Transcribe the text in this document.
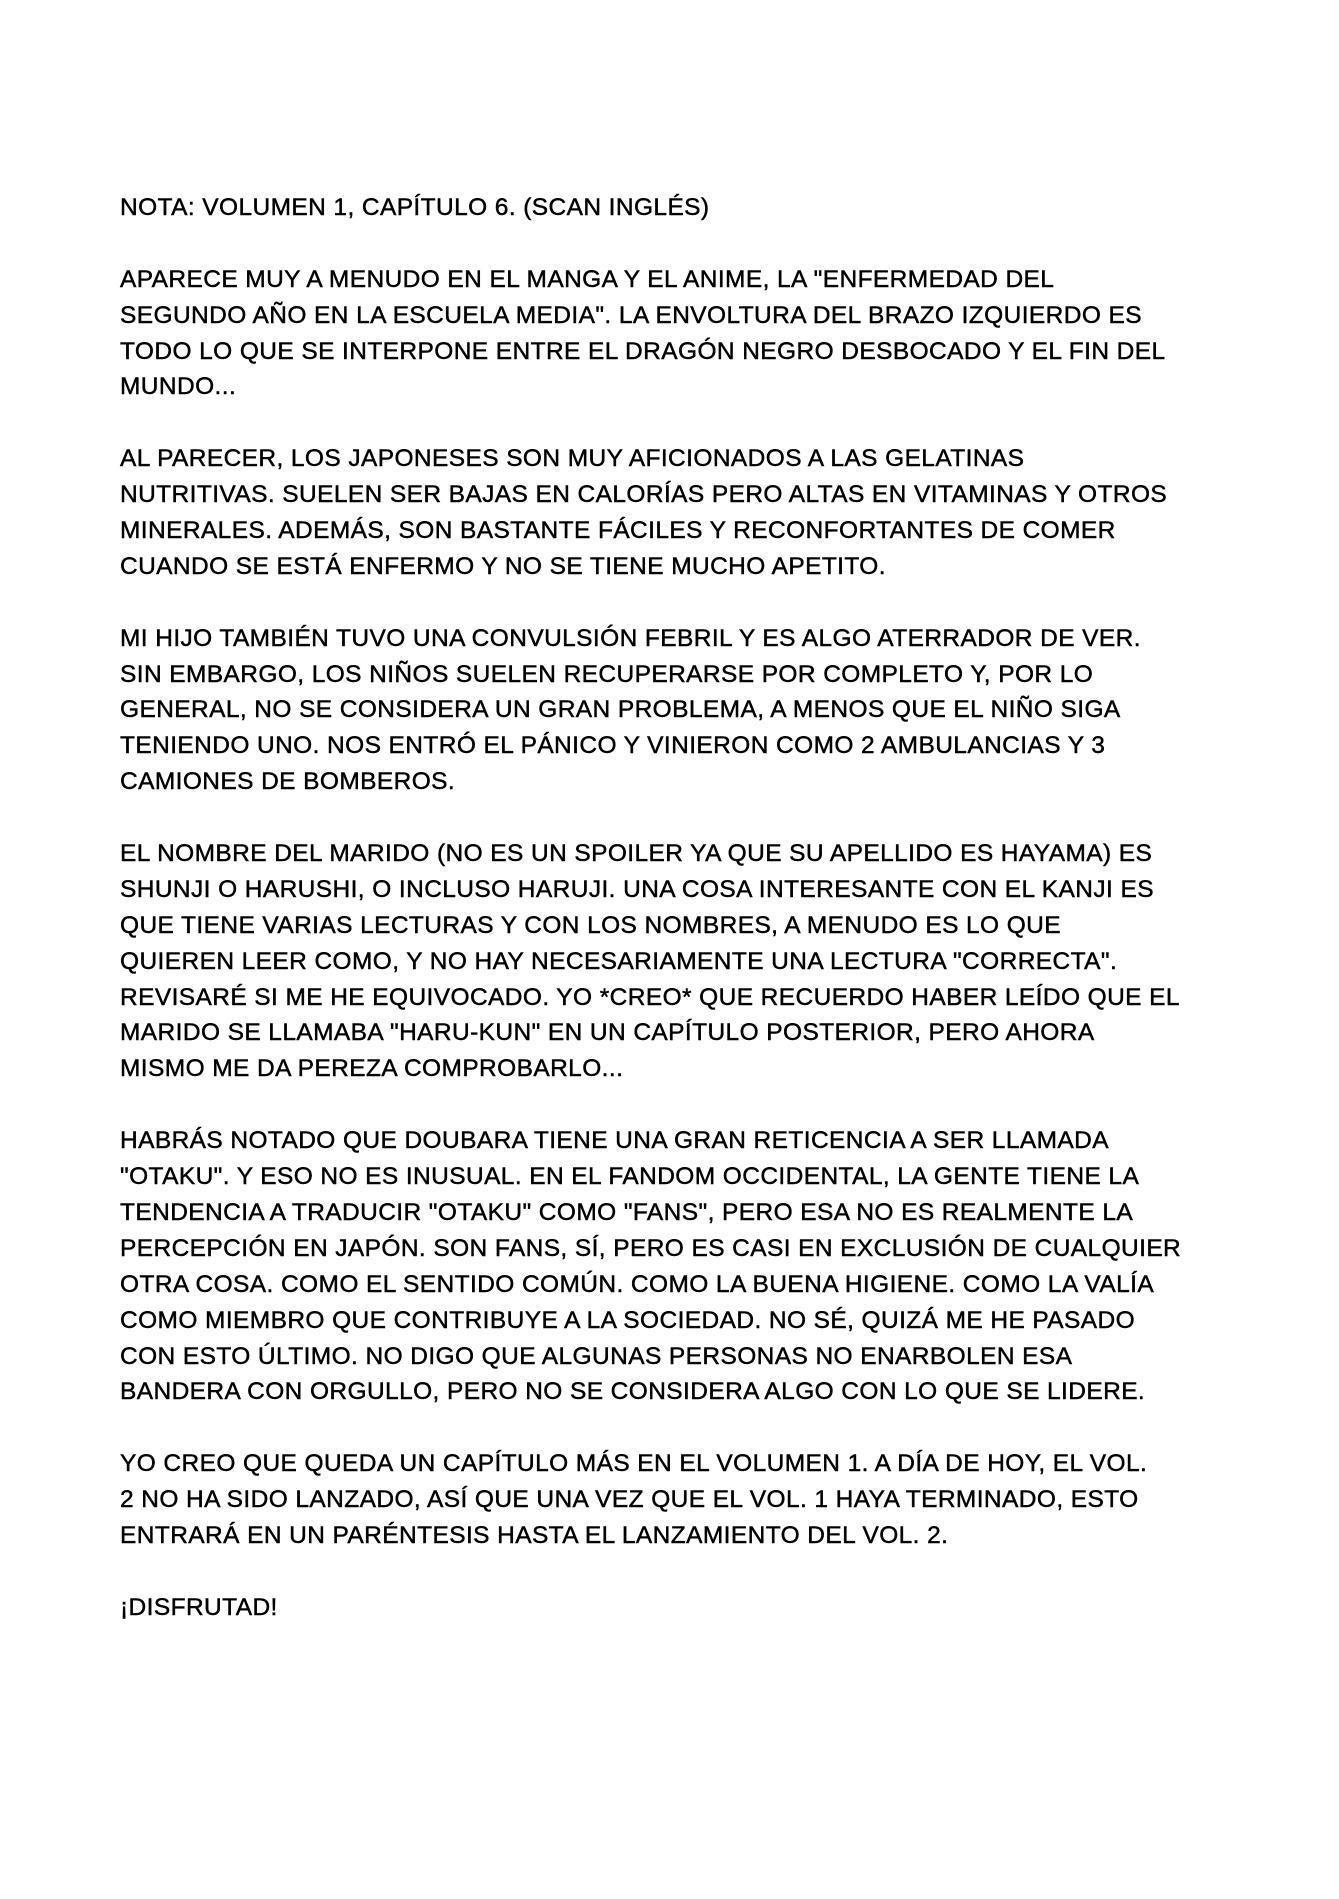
NOTA: VOLUMEN 1, CAPÍTULO 6. (SCAN INGLÉS)

APARECE MUY A MENUDO EN EL MANGA Y EL ANIME, LA "ENFERMEDAD DEL
SEGUNDO AÑO EN LA ESCUELA MEDIA". LA ENVOLTURA DEL BRAZO IZQUIERDO ES
TODO LO QUE SE INTERPONE ENTRE EL DRAGÓN NEGRO DESBOCADO Y EL FIN DEL
MUNDO...

AL PARECER, LOS JAPONESES SON MUY AFICIONADOS A LAS GELATINAS
NUTRITIVAS. SUELEN SER BAJAS EN CALORÍAS PERO ALTAS EN VITAMINAS Y OTROS
MINERALES. ADEMÁS, SON BASTANTE FÁCILES Y RECONFORTANTES DE COMER
CUANDO SE ESTÁ ENFERMO Y NO SE TIENE MUCHO APETITO.

MI HIJO TAMBIÉN TUVO UNA CONVULSIÓN FEBRIL Y ES ALGO ATERRADOR DE VER.
SIN EMBARGO, LOS NIÑOS SUELEN RECUPERARSE POR COMPLETO Y, POR LO
GENERAL, NO SE CONSIDERA UN GRAN PROBLEMA, A MENOS QUE EL NIÑO SIGA
TENIENDO UNO. NOS ENTRÓ EL PÁNICO Y VINIERON COMO 2 AMBULANCIAS Y 3
CAMIONES DE BOMBEROS.

EL NOMBRE DEL MARIDO (NO ES UN SPOILER YA QUE SU APELLIDO ES HAYAMA) ES
SHUNJI O HARUSHI, O INCLUSO HARUJI. UNA COSA INTERESANTE CON EL KANJI ES
QUE TIENE VARIAS LECTURAS Y CON LOS NOMBRES, A MENUDO ES LO QUE
QUIEREN LEER COMO, Y NO HAY NECESARIAMENTE UNA LECTURA "CORRECTA".
REVISARÉ SI ME HE EQUIVOCADO. YO *CREO* QUE RECUERDO HABER LEÍDO QUE EL
MARIDO SE LLAMABA "HARU-KUN" EN UN CAPÍTULO POSTERIOR, PERO AHORA
MISMO ME DA PEREZA COMPROBARLO...

HABRÁS NOTADO QUE DOUBARA TIENE UNA GRAN RETICENCIA A SER LLAMADA
"OTAKU". Y ESO NO ES INUSUAL. EN EL FANDOM OCCIDENTAL, LA GENTE TIENE LA
TENDENCIA A TRADUCIR "OTAKU" COMO "FANS", PERO ESA NO ES REALMENTE LA
PERCEPCIÓN EN JAPÓN. SON FANS, SÍ, PERO ES CASI EN EXCLUSIÓN DE CUALQUIER
OTRA COSA. COMO EL SENTIDO COMÚN. COMO LA BUENA HIGIENE. COMO LA VALÍA
COMO MIEMBRO QUE CONTRIBUYE A LA SOCIEDAD. NO SÉ, QUIZÁ ME HE PASADO
CON ESTO ÚLTIMO. NO DIGO QUE ALGUNAS PERSONAS NO ENARBOLEN ESA
BANDERA CON ORGULLO, PERO NO SE CONSIDERA ALGO CON LO QUE SE LIDERE.

YO CREO QUE QUEDA UN CAPÍTULO MÁS EN EL VOLUMEN 1. A DÍA DE HOY, EL VOL.
2 NO HA SIDO LANZADO, ASÍ QUE UNA VEZ QUE EL VOL. 1 HAYA TERMINADO, ESTO
ENTRARÁ EN UN PARÉNTESIS HASTA EL LANZAMIENTO DEL VOL. 2.

¡DISFRUTAD!
